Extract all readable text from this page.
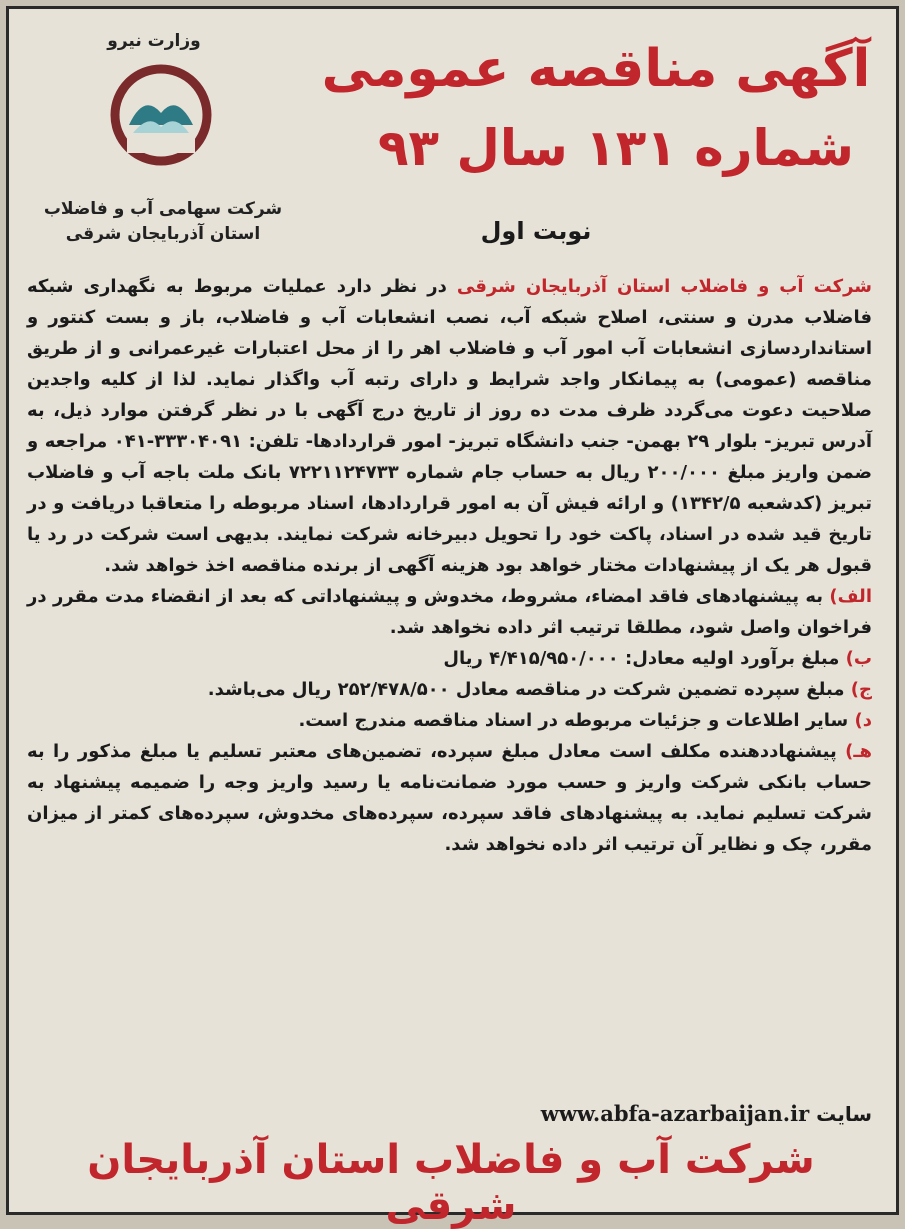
وزارت نیرو
شرکت سهامی آب و فاضلاب
استان آذربایجان شرقی
آگهی مناقصه عمومی
شماره ۱۳۱ سال ۹۳
نوبت اول
شرکت آب و فاضلاب استان آذربایجان شرقی در نظر دارد عملیات مربوط به نگهداری شبکه فاضلاب مدرن و سنتی، اصلاح شبکه آب، نصب انشعابات آب و فاضلاب، باز و بست کنتور و استانداردسازی انشعابات آب امور آب و فاضلاب اهر را از محل اعتبارات غیرعمرانی و از طریق مناقصه (عمومی) به پیمانکار واجد شرایط و دارای رتبه آب واگذار نماید. لذا از کلیه واجدین صلاحیت دعوت می‌گردد ظرف مدت ده روز از تاریخ درج آگهی با در نظر گرفتن موارد ذیل، به آدرس تبریز- بلوار ۲۹ بهمن- جنب دانشگاه تبریز- امور قراردادها- تلفن: ۳۳۳۰۴۰۹۱-۰۴۱ مراجعه و ضمن واریز مبلغ ۲۰۰/۰۰۰ ریال به حساب جام شماره ۷۲۲۱۱۲۴۷۳۳ بانک ملت باجه آب و فاضلاب تبریز (کدشعبه ۱۳۴۲/۵) و ارائه فیش آن به امور قراردادها، اسناد مربوطه را متعاقبا دریافت و در تاریخ قید شده در اسناد، پاکت خود را تحویل دبیرخانه شرکت نمایند. بدیهی است شرکت در رد یا قبول هر یک از پیشنهادات مختار خواهد بود هزینه آگهی از برنده مناقصه اخذ خواهد شد.
الف) به پیشنهادهای فاقد امضاء، مشروط، مخدوش و پیشنهاداتی که بعد از انقضاء مدت مقرر در فراخوان واصل شود، مطلقا ترتیب اثر داده نخواهد شد.
ب) مبلغ برآورد اولیه معادل: ۴/۴۱۵/۹۵۰/۰۰۰ ریال
ج) مبلغ سپرده تضمین شرکت در مناقصه معادل ۲۵۲/۴۷۸/۵۰۰ ریال می‌باشد.
د) سایر اطلاعات و جزئیات مربوطه در اسناد مناقصه مندرج است.
هـ) پیشنهاددهنده مکلف است معادل مبلغ سپرده، تضمین‌های معتبر تسلیم یا مبلغ مذکور را به حساب بانکی شرکت واریز و حسب مورد ضمانت‌نامه یا رسید واریز وجه را ضمیمه پیشنهاد به شرکت تسلیم نماید. به پیشنهادهای فاقد سپرده، سپرده‌های مخدوش، سپرده‌های کمتر از میزان مقرر، چک و نظایر آن ترتیب اثر داده نخواهد شد.
سایت www.abfa-azarbaijan.ir
شرکت آب و فاضلاب استان آذربایجان شرقی
